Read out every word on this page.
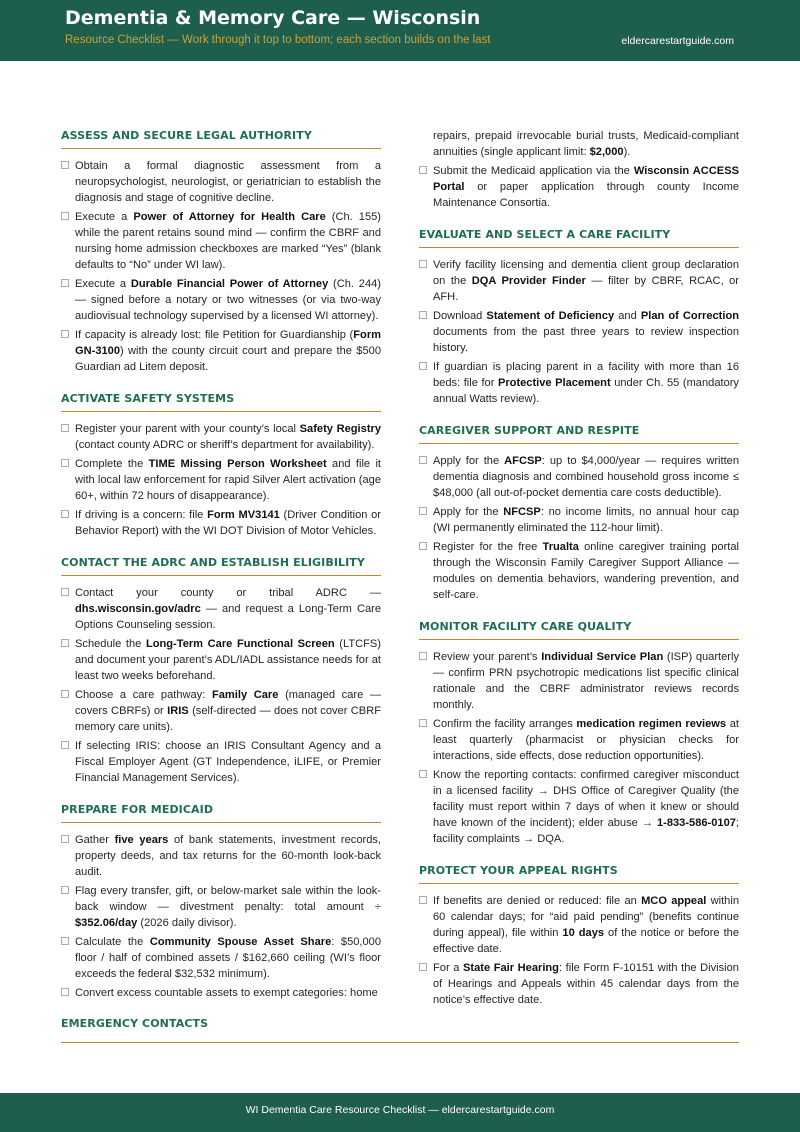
Dementia & Memory Care — Wisconsin
Resource Checklist — Work through it top to bottom; each section builds on the last	eldercarestartguide.com
ASSESS AND SECURE LEGAL AUTHORITY
Obtain a formal diagnostic assessment from a neuropsychologist, neurologist, or geriatrician to establish the diagnosis and stage of cognitive decline.
Execute a Power of Attorney for Health Care (Ch. 155) while the parent retains sound mind — confirm the CBRF and nursing home admission checkboxes are marked “Yes” (blank defaults to “No” under WI law).
Execute a Durable Financial Power of Attorney (Ch. 244) — signed before a notary or two witnesses (or via two-way audiovisual technology supervised by a licensed WI attorney).
If capacity is already lost: file Petition for Guardianship (Form GN-3100) with the county circuit court and prepare the $500 Guardian ad Litem deposit.
ACTIVATE SAFETY SYSTEMS
Register your parent with your county’s local Safety Registry (contact county ADRC or sheriff’s department for availability).
Complete the TIME Missing Person Worksheet and file it with local law enforcement for rapid Silver Alert activation (age 60+, within 72 hours of disappearance).
If driving is a concern: file Form MV3141 (Driver Condition or Behavior Report) with the WI DOT Division of Motor Vehicles.
CONTACT THE ADRC AND ESTABLISH ELIGIBILITY
Contact your county or tribal ADRC — dhs.wisconsin.gov/adrc — and request a Long-Term Care Options Counseling session.
Schedule the Long-Term Care Functional Screen (LTCFS) and document your parent’s ADL/IADL assistance needs for at least two weeks beforehand.
Choose a care pathway: Family Care (managed care — covers CBRFs) or IRIS (self-directed — does not cover CBRF memory care units).
If selecting IRIS: choose an IRIS Consultant Agency and a Fiscal Employer Agent (GT Independence, iLIFE, or Premier Financial Management Services).
PREPARE FOR MEDICAID
Gather five years of bank statements, investment records, property deeds, and tax returns for the 60-month look-back audit.
Flag every transfer, gift, or below-market sale within the look-back window — divestment penalty: total amount ÷ $352.06/day (2026 daily divisor).
Calculate the Community Spouse Asset Share: $50,000 floor / half of combined assets / $162,660 ceiling (WI’s floor exceeds the federal $32,532 minimum).
Convert excess countable assets to exempt categories: home
repairs, prepaid irrevocable burial trusts, Medicaid-compliant annuities (single applicant limit: $2,000).
Submit the Medicaid application via the Wisconsin ACCESS Portal or paper application through county Income Maintenance Consortia.
EVALUATE AND SELECT A CARE FACILITY
Verify facility licensing and dementia client group declaration on the DQA Provider Finder — filter by CBRF, RCAC, or AFH.
Download Statement of Deficiency and Plan of Correction documents from the past three years to review inspection history.
If guardian is placing parent in a facility with more than 16 beds: file for Protective Placement under Ch. 55 (mandatory annual Watts review).
CAREGIVER SUPPORT AND RESPITE
Apply for the AFCSP: up to $4,000/year — requires written dementia diagnosis and combined household gross income ≤ $48,000 (all out-of-pocket dementia care costs deductible).
Apply for the NFCSP: no income limits, no annual hour cap (WI permanently eliminated the 112-hour limit).
Register for the free Trualta online caregiver training portal through the Wisconsin Family Caregiver Support Alliance — modules on dementia behaviors, wandering prevention, and self-care.
MONITOR FACILITY CARE QUALITY
Review your parent’s Individual Service Plan (ISP) quarterly — confirm PRN psychotropic medications list specific clinical rationale and the CBRF administrator reviews records monthly.
Confirm the facility arranges medication regimen reviews at least quarterly (pharmacist or physician checks for interactions, side effects, dose reduction opportunities).
Know the reporting contacts: confirmed caregiver misconduct in a licensed facility → DHS Office of Caregiver Quality (the facility must report within 7 days of when it knew or should have known of the incident); elder abuse → 1-833-586-0107; facility complaints → DQA.
PROTECT YOUR APPEAL RIGHTS
If benefits are denied or reduced: file an MCO appeal within 60 calendar days; for “aid paid pending” (benefits continue during appeal), file within 10 days of the notice or before the effective date.
For a State Fair Hearing: file Form F-10151 with the Division of Hearings and Appeals within 45 calendar days from the notice’s effective date.
EMERGENCY CONTACTS
WI Dementia Care Resource Checklist — eldercarestartguide.com
